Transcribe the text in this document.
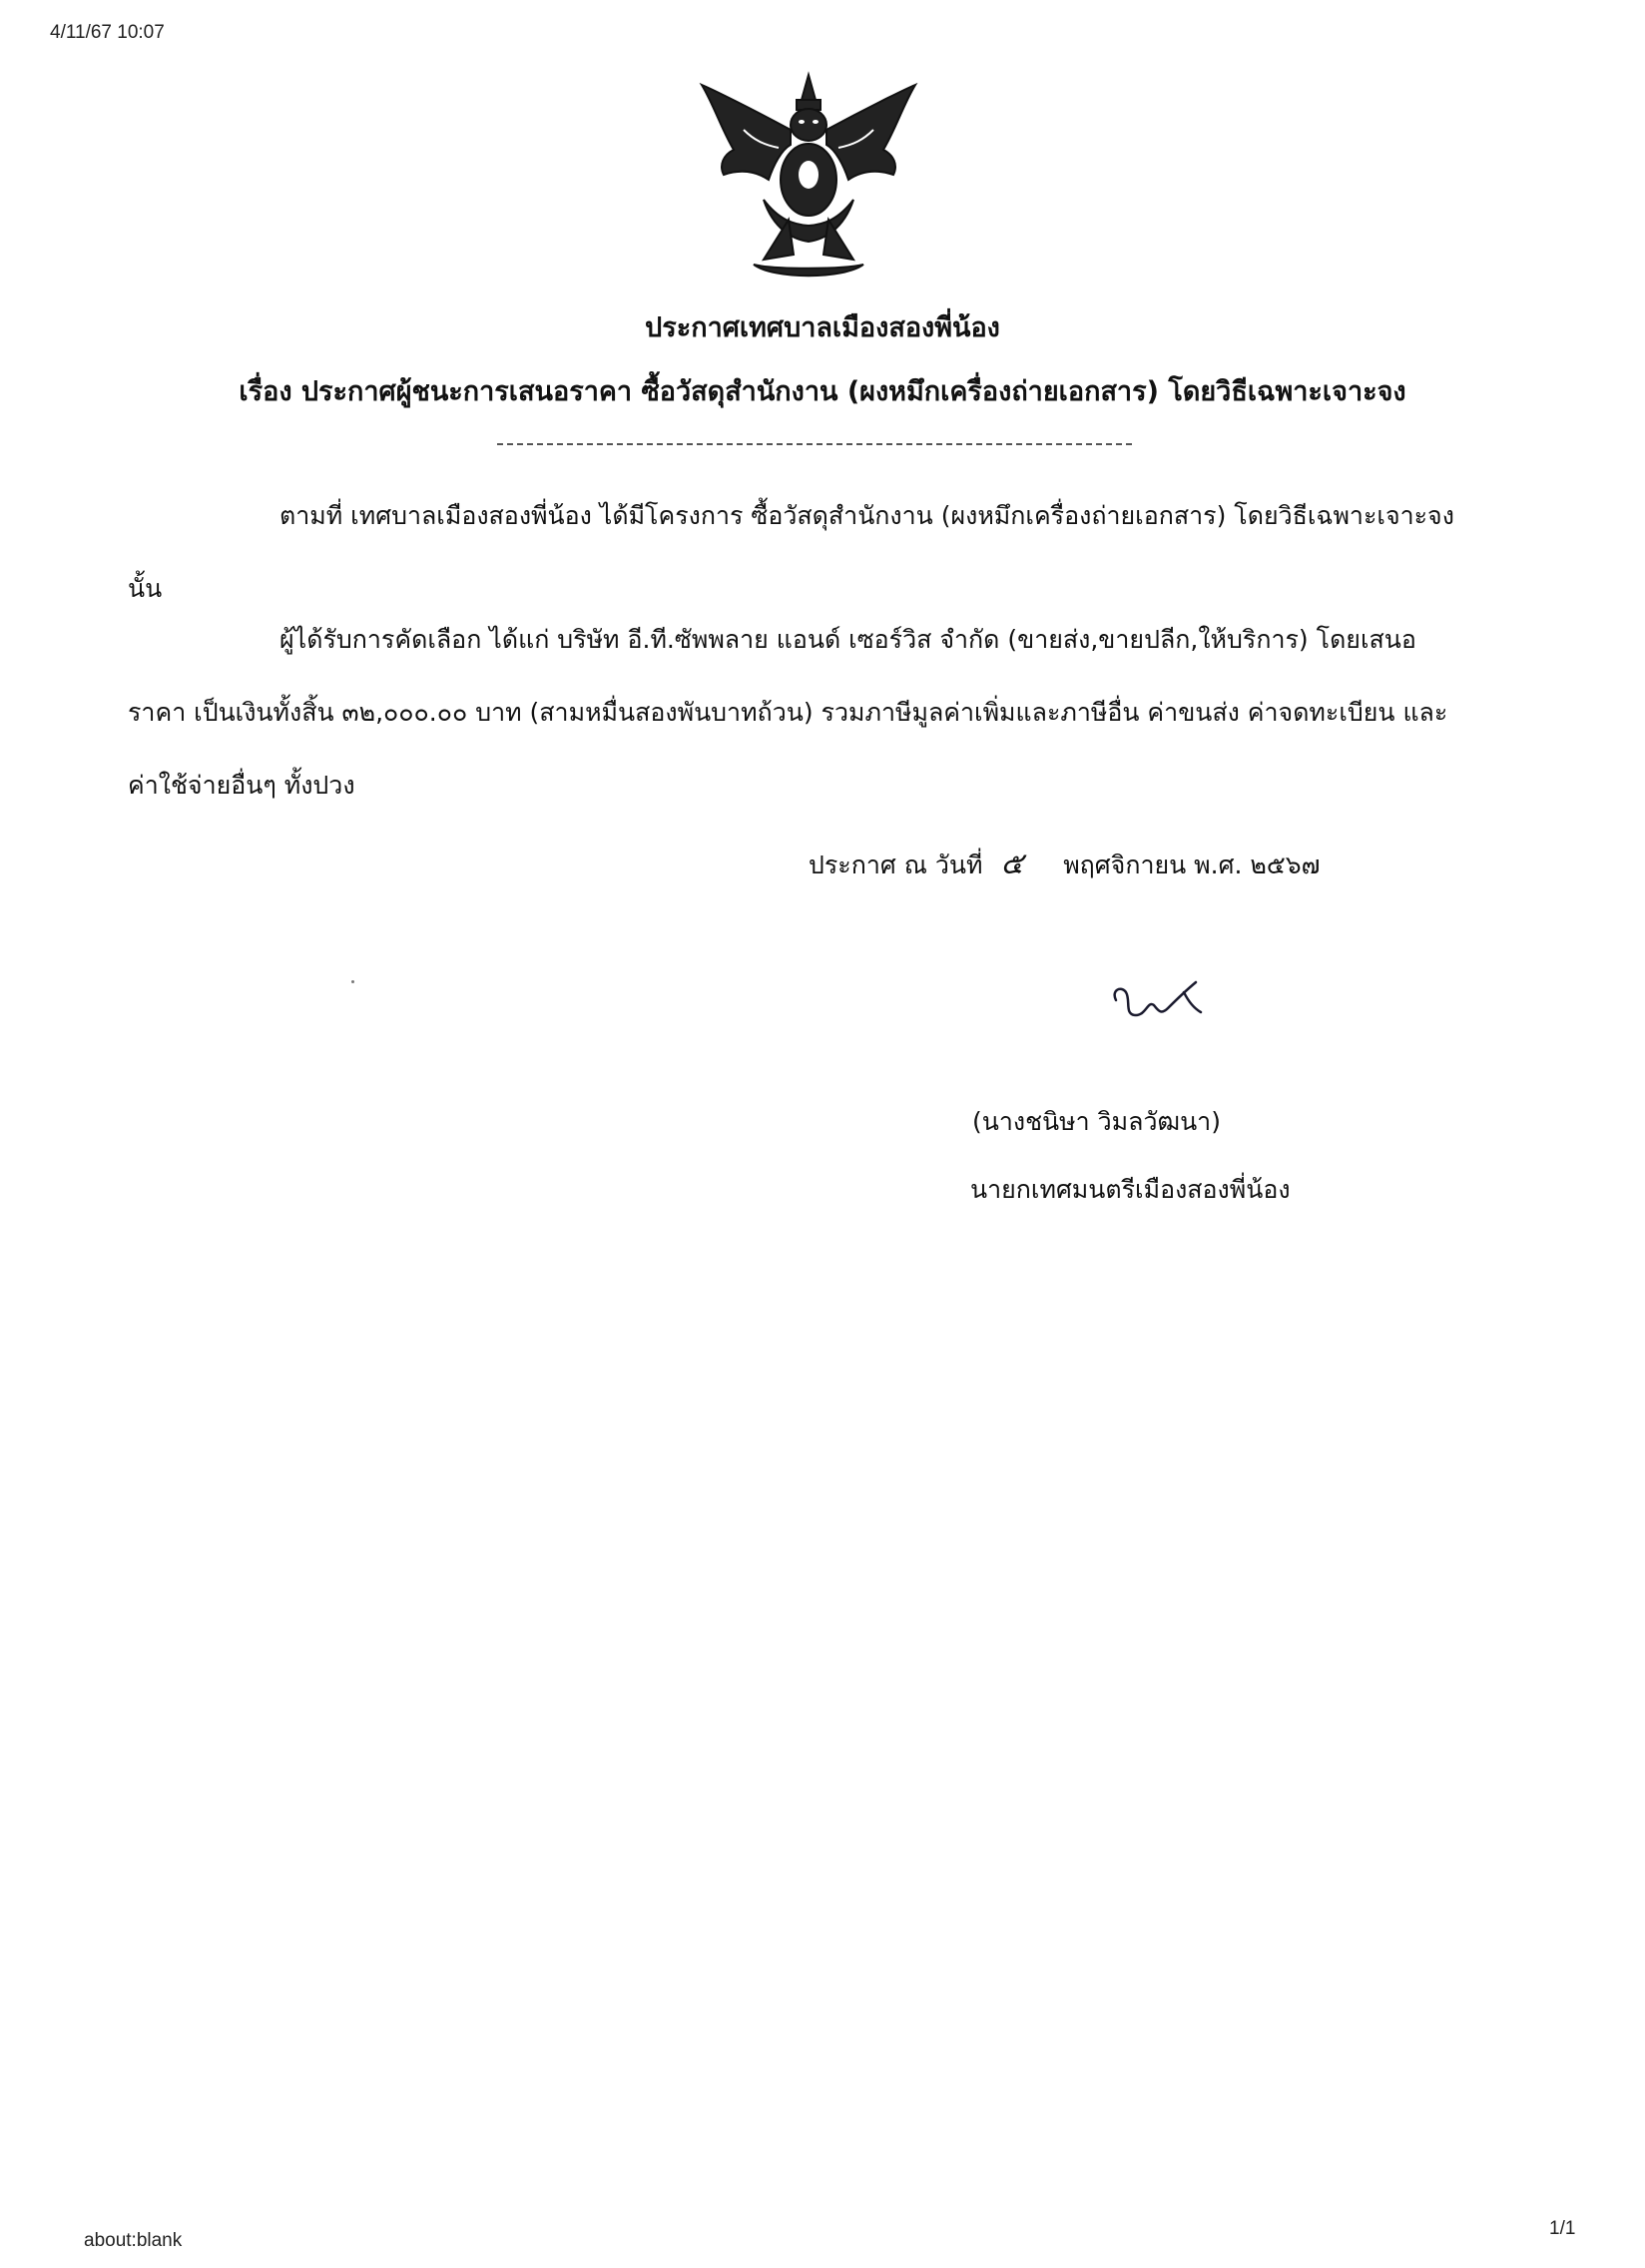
4/11/67 10:07
ประกาศเทศบาลเมืองสองพี่น้อง
เรื่อง ประกาศผู้ชนะการเสนอราคา ซื้อวัสดุสำนักงาน (ผงหมึกเครื่องถ่ายเอกสาร) โดยวิธีเฉพาะเจาะจง
ตามที่ เทศบาลเมืองสองพี่น้อง ได้มีโครงการ ซื้อวัสดุสำนักงาน (ผงหมึกเครื่องถ่ายเอกสาร) โดยวิธีเฉพาะเจาะจง นั้น
ผู้ได้รับการคัดเลือก ได้แก่ บริษัท อี.ที.ซัพพลาย แอนด์ เซอร์วิส จำกัด (ขายส่ง,ขายปลีก,ให้บริการ) โดยเสนอราคา เป็นเงินทั้งสิ้น ๓๒,๐๐๐.๐๐ บาท (สามหมื่นสองพันบาทถ้วน) รวมภาษีมูลค่าเพิ่มและภาษีอื่น ค่าขนส่ง ค่าจดทะเบียน และค่าใช้จ่ายอื่นๆ ทั้งปวง
ประกาศ ณ วันที่ ๕ พฤศจิกายน พ.ศ. ๒๕๖๗
(นางชนิษา วิมลวัฒนา)
นายกเทศมนตรีเมืองสองพี่น้อง
about:blank
1/1
